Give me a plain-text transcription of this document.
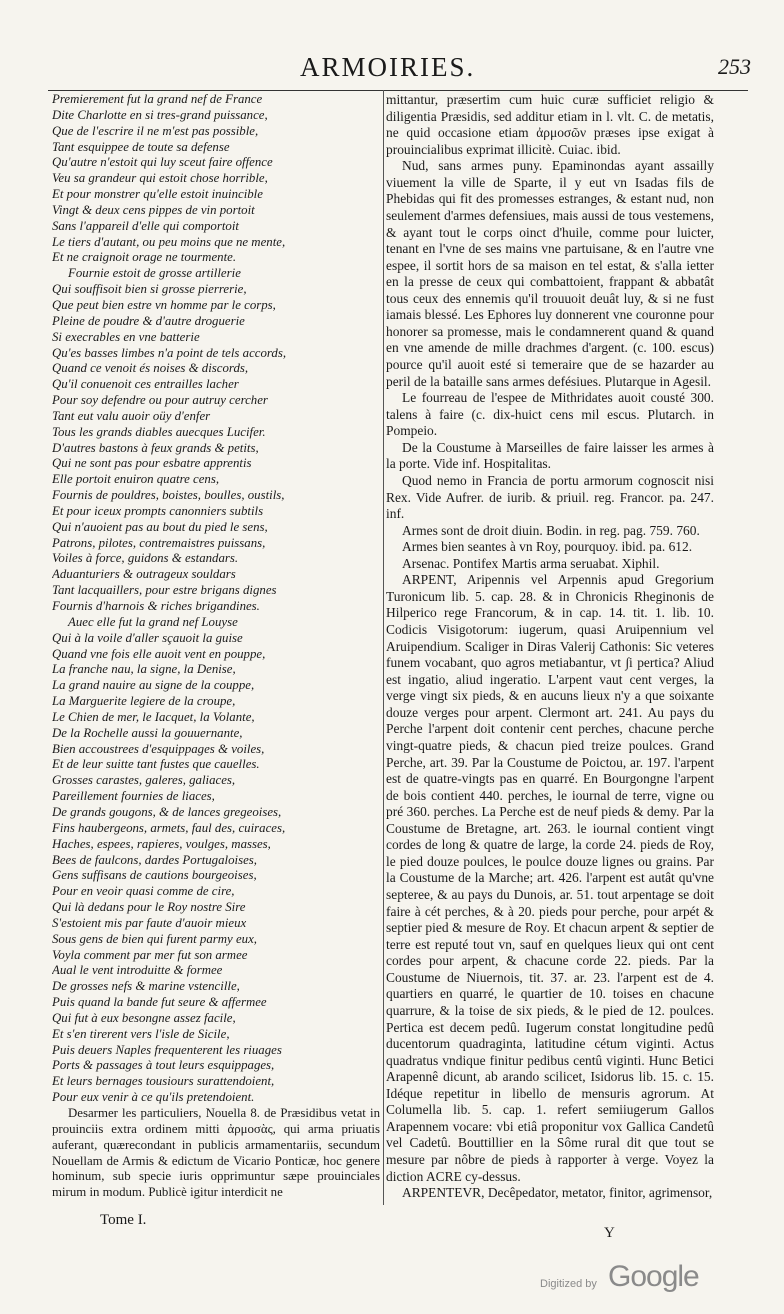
ARMOIRIES.	253
Premierement fut la grand nef de France
Dite Charlotte en si tres-grand puissance,
Que de l'escrire il ne m'est pas possible,
Tant esquippee de toute sa defense
Qu'autre n'estoit qui luy sceut faire offence
Veu sa grandeur qui estoit chose horrible,
Et pour monstrer qu'elle estoit inuincible
Vingt & deux cens pippes de vin portoit
Sans l'appareil d'elle qui comportoit
Le tiers d'autant, ou peu moins que ne mente,
Et ne craignoit orage ne tourmente.
Fournie estoit de grosse artillerie
Qui souffisoit bien si grosse pierrerie,
Que peut bien estre vn homme par le corps,
Pleine de poudre & d'autre droguerie
Si execrables en vne batterie
Qu'es basses limbes n'a point de tels accords,
Quand ce venoit és noises & discords,
Qu'il conuenoit ces entrailles lacher
Pour soy defendre ou pour autruy cercher
Tant eut valu auoir oüy d'enfer
Tous les grands diables auecques Lucifer.
D'autres bastons à feux grands & petits,
Qui ne sont pas pour esbatre apprentis
Elle portoit enuiron quatre cens,
Fournis de pouldres, boistes, boulles, oustils,
Et pour iceux prompts canonniers subtils
Qui n'auoient pas au bout du pied le sens,
Patrons, pilotes, contremaistres puissans,
Voiles à force, guidons & estandars.
Aduanturiers & outrageux souldars
Tant lacquaillers, pour estre brigans dignes
Fournis d'harnois & riches brigandines.
Auec elle fut la grand nef Louyse
Qui à la voile d'aller sçauoit la guise
Quand vne fois elle auoit vent en pouppe,
La franche nau, la signe, la Denise,
La grand nauire au signe de la couppe,
La Marguerite legiere de la croupe,
Le Chien de mer, le Iacquet, la Volante,
De la Rochelle aussi la gouuernante,
Bien accoustrees d'esquippages & voiles,
Et de leur suitte tant fustes que cauelles.
Grosses carastes, galeres, galiaces,
Pareillement fournies de liaces,
De grands gougons, & de lances gregeoises,
Fins haubergeons, armets, faul des, cuiraces,
Haches, espees, rapieres, voulges, masses,
Bees de faulcons, dardes Portugaloises,
Gens suffisans de cautions bourgeoises,
Pour en veoir quasi comme de cire,
Qui là dedans pour le Roy nostre Sire
S'estoient mis par faute d'auoir mieux
Sous gens de bien qui furent parmy eux,
Voyla comment par mer fut son armee
Aual le vent introduitte & formee
De grosses nefs & marine vstencille,
Puis quand la bande fut seure & affermee
Qui fut à eux besongne assez facile,
Et s'en tirerent vers l'isle de Sicile,
Puis deuers Naples frequenterent les riuages
Ports & passages à tout leurs esquippages,
Et leurs bernages tousiours surattendoient,
Pour eux venir à ce qu'ils pretendoient.

Desarmer les particuliers, Nouella 8. de Præsidibus vetat in prouinciis extra ordinem mitti ἀρμοσὰς, qui arma priuatis auferant, quærecondant in publicis armamentariis, secundum Nouellam de Armis & edictum de Vicario Ponticæ, hoc genere hominum, sub specie iuris opprimuntur sæpe prouinciales mirum in modum. Publicè igitur interdicit ne

mittantur, præsertim cum huic curæ sufficiet religio & diligentia Præsidis, sed additur etiam in l. vlt. C. de metatis, ne quid occasione etiam ἀρμοσῶν præses ipse exigat à prouincialibus exprimat illicitè. Cuiac. ibid.

Nud, sans armes puny. Epaminondas ayant assailly viuement la ville de Sparte, il y eut vn Isadas fils de Phebidas qui fit des promesses estranges, & estant nud, non seulement d'armes defensiues, mais aussi de tous vestemens, & ayant tout le corps oinct d'huile, comme pour luicter, tenant en l'vne de ses mains vne partuisane, & en l'autre vne espee, il sortit hors de sa maison en tel estat, & s'alla ietter en la presse de ceux qui combattoient, frappant & abbatât tous ceux des ennemis qu'il trouuoit deuât luy, & si ne fust iamais blessé. Les Ephores luy donnerent vne couronne pour honorer sa promesse, mais le condamnerent quand & quand en vne amende de mille drachmes d'argent. (c. 100. escus) pource qu'il auoit esté si temeraire que de se hazarder au peril de la bataille sans armes defésiues. Plutarque in Agesil.

Le fourreau de l'espee de Mithridates auoit cousté 300. talens à faire (c. dix-huict cens mil escus. Plutarch. in Pompeio.

De la Coustume à Marseilles de faire laisser les armes à la porte. Vide inf. Hospitalitas.

Quod nemo in Francia de portu armorum cognoscit nisi Rex. Vide Aufrer. de iurib. & priuil. reg. Francor. pa. 247. inf.

Armes sont de droit diuin. Bodin. in reg. pag. 759. 760.

Armes bien seantes à vn Roy, pourquoy. ibid. pa. 612.

Arsenac. Pontifex Martis arma seruabat. Xiphil.

ARPENT, Aripennis vel Arpennis apud Gregorium Turonicum lib. 5. cap. 28. & in Chronicis Rheginonis de Hilperico rege Francorum, & in cap. 14. tit. 1. lib. 10. Codicis Visigotorum: iugerum, quasi Aruipennium vel Aruipendium. Scaliger in Diras Valerij Cathonis: Sic veteres funem vocabant, quo agros metiabantur, vt ∫i pertica? Aliud est ingatio, aliud ingeratio. L'arpent vaut cent verges, la verge vingt six pieds, & en aucuns lieux n'y a que soixante douze verges pour arpent. Clermont art. 241. Au pays du Perche l'arpent doit contenir cent perches, chacune perche vingt-quatre pieds, & chacun pied treize poulces. Grand Perche, art. 39. Par la Coustume de Poictou, ar. 197. l'arpent est de quatre-vingts pas en quarré. En Bourgongne l'arpent de bois contient 440. perches, le iournal de terre, vigne ou pré 360. perches. La Perche est de neuf pieds & demy. Par la Coustume de Bretagne, art. 263. le iournal contient vingt cordes de long & quatre de large, la corde 24. pieds de Roy, le pied douze poulces, le poulce douze lignes ou grains. Par la Coustume de la Marche; art. 426. l'arpent est autât qu'vne septeree, & au pays du Dunois, ar. 51. tout arpentage se doit faire à cét perches, & à 20. pieds pour perche, pour arpét & septier pied & mesure de Roy. Et chacun arpent & septier de terre est reputé tout vn, sauf en quelques lieux qui ont cent cordes pour arpent, & chacune corde 22. pieds. Par la Coustume de Niuernois, tit. 37. ar. 23. l'arpent est de 4. quartiers en quarré, le quartier de 10. toises en chacune quarrure, & la toise de six pieds, & le pied de 12. poulces. Pertica est decem pedû. Iugerum constat longitudine pedû ducentorum quadraginta, latitudine cétum viginti. Actus quadratus vndique finitur pedibus centû viginti. Hunc Betici Arapennê dicunt, ab arando scilicet, Isidorus lib. 15. c. 15. Idéque repetitur in libello de mensuris agrorum. At Columella lib. 5. cap. 1. refert semiiugerum Gallos Arapennem vocare: vbi etiâ proponitur vox Gallica Candetû vel Cadetû. Bouttillier en la Sôme rural dit que tout se mesure par nôbre de pieds à rapporter à verge. Voyez la diction ACRE cy-dessus.

ARPENTEVR, Decêpedator, metator, finitor, agrimensor,

Tome I.
Y
Digitized by Google
